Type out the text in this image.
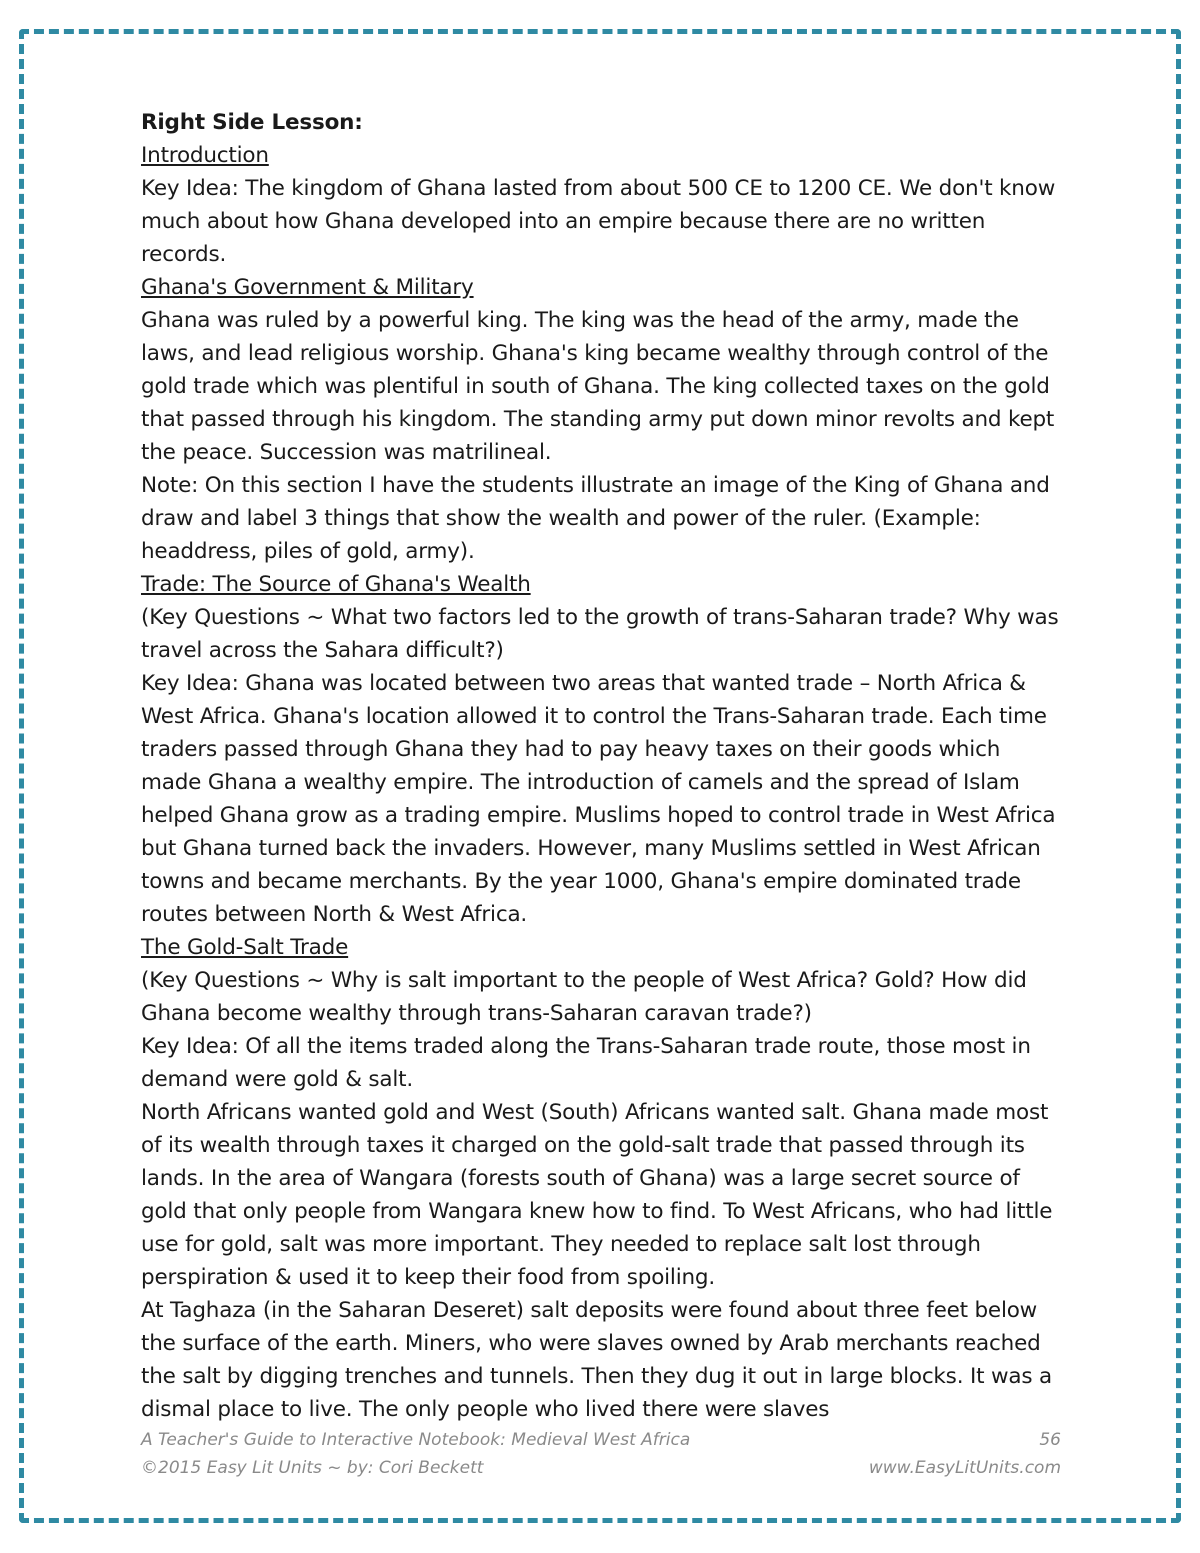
Right Side Lesson:

Introduction

Key Idea: The kingdom of Ghana lasted from about 500 CE to 1200 CE. We don't know much about how Ghana developed into an empire because there are no written records.

Ghana's Government & Military

Ghana was ruled by a powerful king. The king was the head of the army, made the laws, and lead religious worship. Ghana's king became wealthy through control of the gold trade which was plentiful in south of Ghana. The king collected taxes on the gold that passed through his kingdom. The standing army put down minor revolts and kept the peace. Succession was matrilineal.

Note: On this section I have the students illustrate an image of the King of Ghana and draw and label 3 things that show the wealth and power of the ruler. (Example: headdress, piles of gold, army).

Trade: The Source of Ghana's Wealth

(Key Questions ~ What two factors led to the growth of trans-Saharan trade? Why was travel across the Sahara difficult?)

Key Idea: Ghana was located between two areas that wanted trade – North Africa & West Africa. Ghana's location allowed it to control the Trans-Saharan trade. Each time traders passed through Ghana they had to pay heavy taxes on their goods which made Ghana a wealthy empire. The introduction of camels and the spread of Islam helped Ghana grow as a trading empire. Muslims hoped to control trade in West Africa but Ghana turned back the invaders. However, many Muslims settled in West African towns and became merchants. By the year 1000, Ghana's empire dominated trade routes between North & West Africa.

The Gold-Salt Trade

(Key Questions ~ Why is salt important to the people of West Africa? Gold? How did Ghana become wealthy through trans-Saharan caravan trade?)

Key Idea: Of all the items traded along the Trans-Saharan trade route, those most in demand were gold & salt.

North Africans wanted gold and West (South) Africans wanted salt. Ghana made most of its wealth through taxes it charged on the gold-salt trade that passed through its lands. In the area of Wangara (forests south of Ghana) was a large secret source of gold that only people from Wangara knew how to find. To West Africans, who had little use for gold, salt was more important. They needed to replace salt lost through perspiration & used it to keep their food from spoiling.

At Taghaza (in the Saharan Deseret) salt deposits were found about three feet below the surface of the earth. Miners, who were slaves owned by Arab merchants reached the salt by digging trenches and tunnels. Then they dug it out in large blocks. It was a dismal place to live. The only people who lived there were slaves

A Teacher's Guide to Interactive Notebook: Medieval West Africa	56
©2015 Easy Lit Units ~ by: Cori Beckett	www.EasyLitUnits.com
